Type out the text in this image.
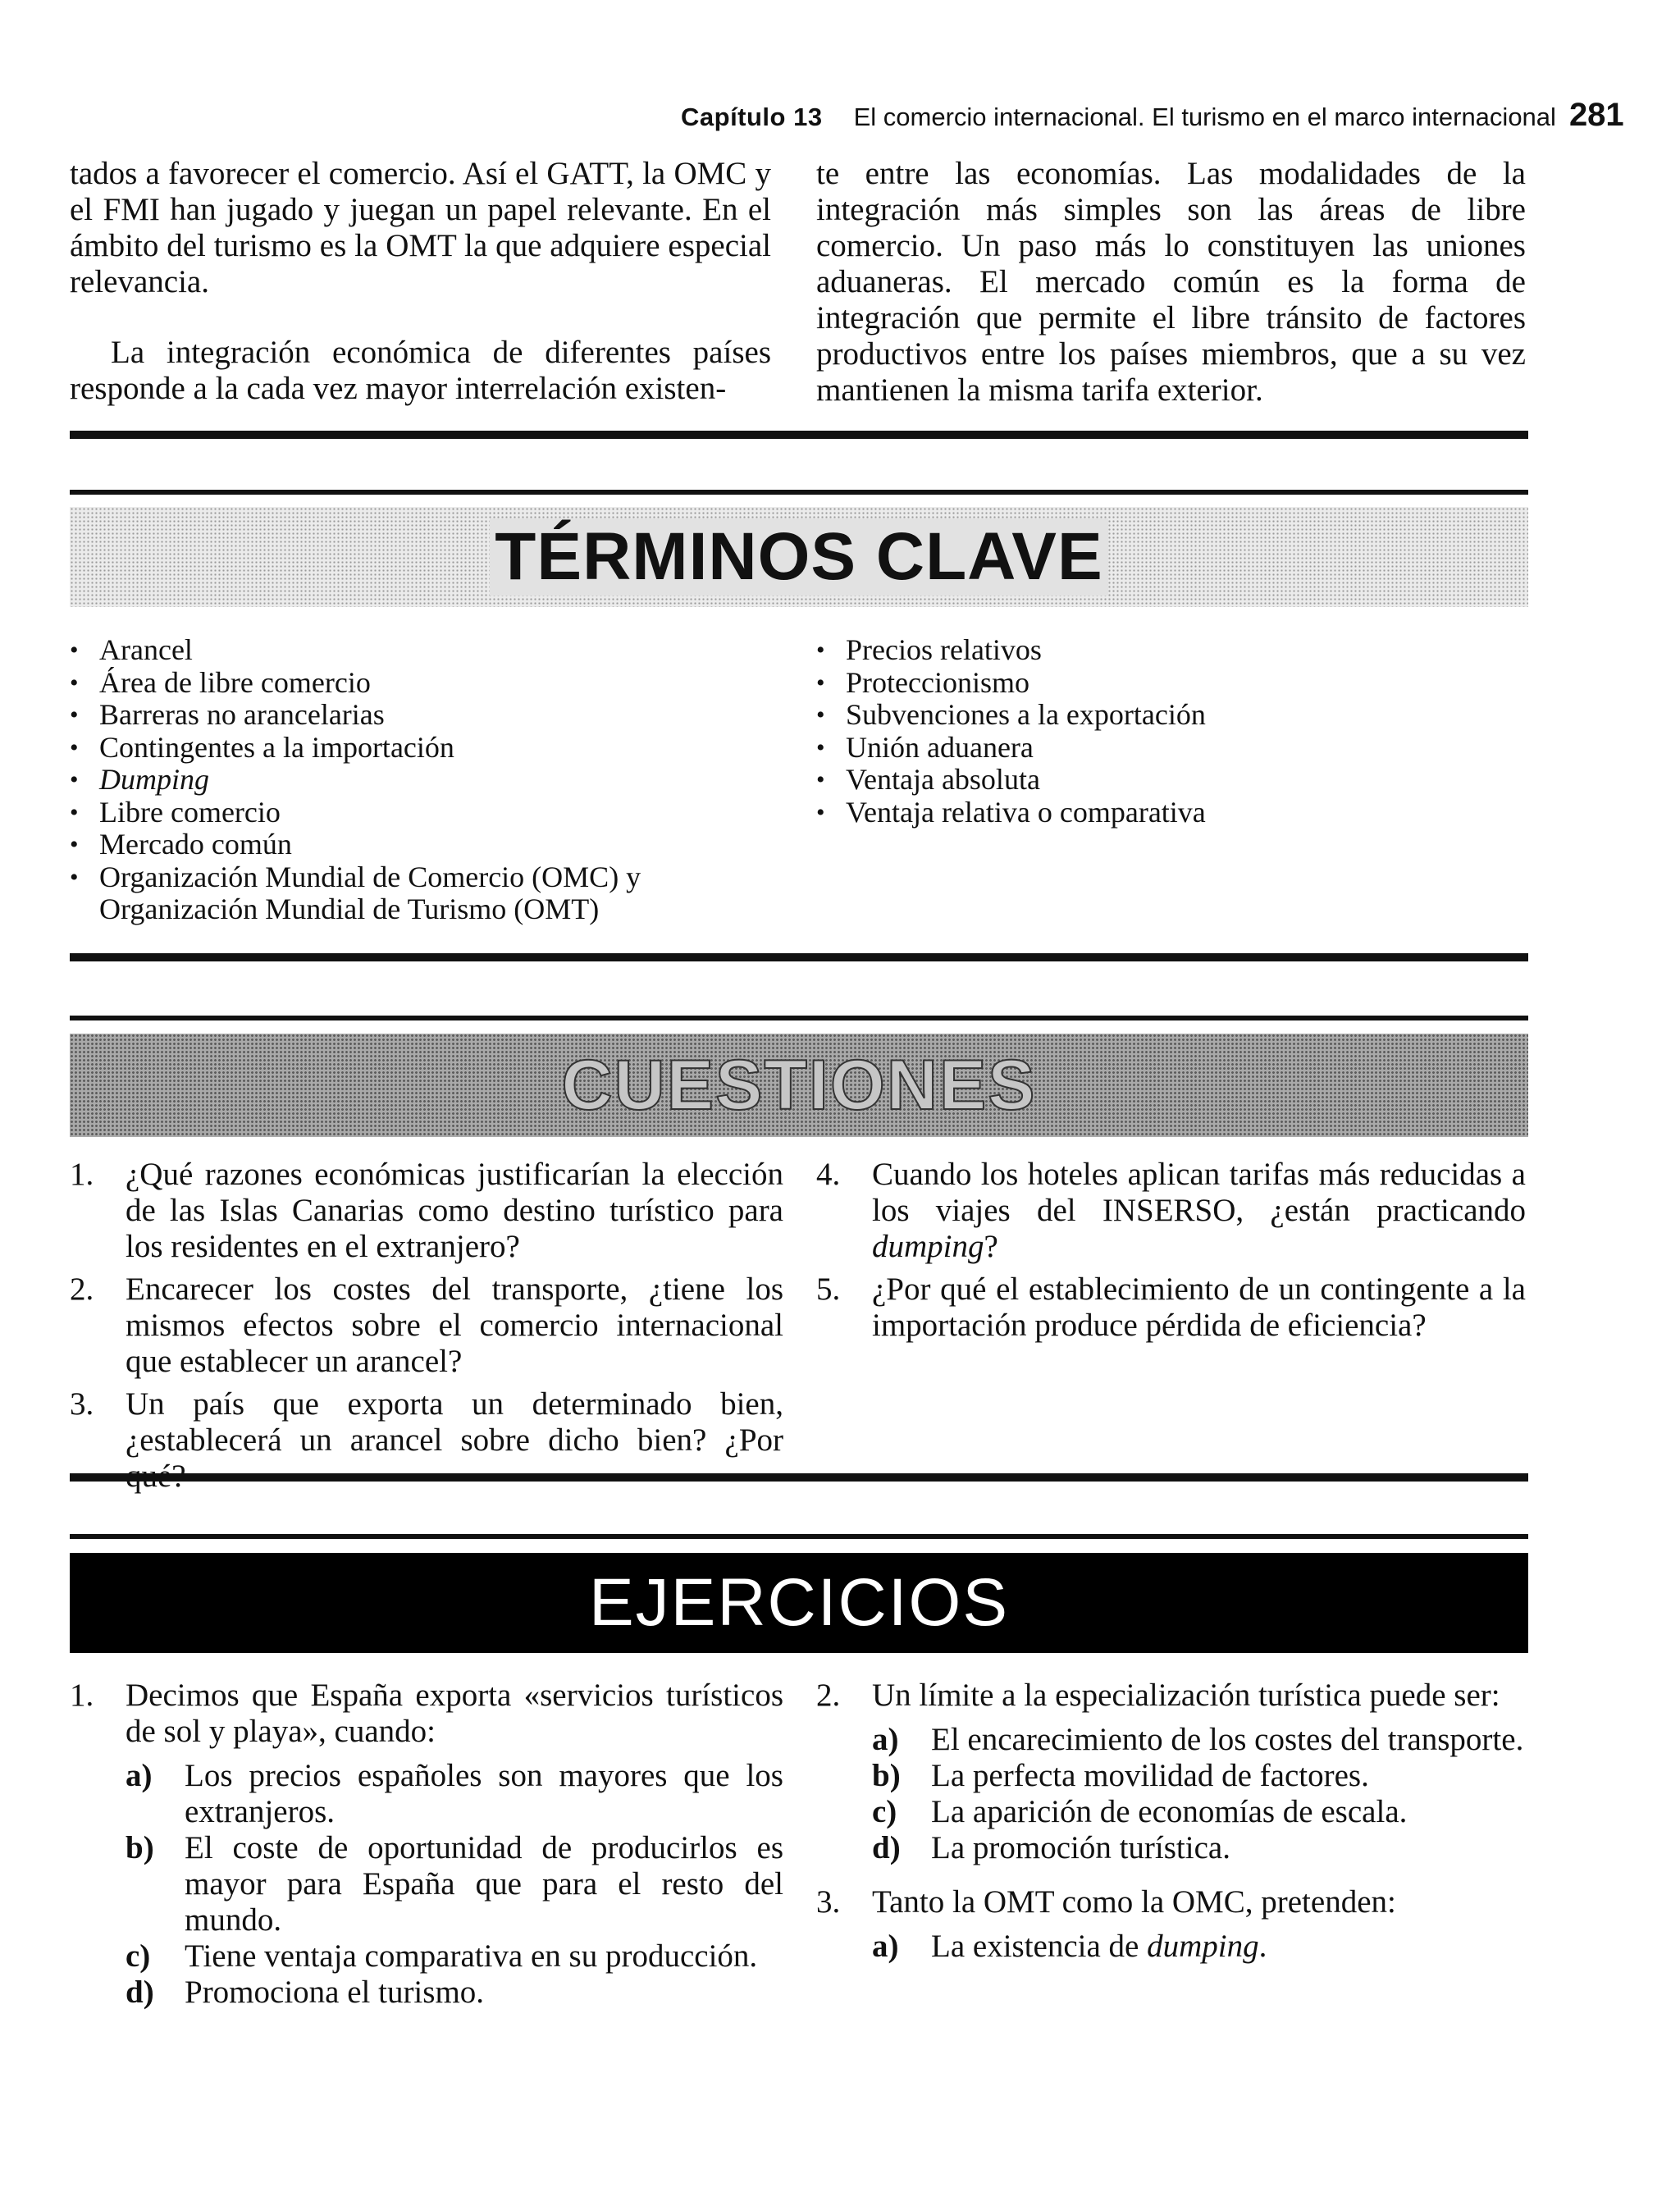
Capítulo 13 El comercio internacional. El turismo en el marco internacional 281

tados a favorecer el comercio. Así el GATT, la OMC y el FMI han jugado y juegan un papel relevante. En el ámbito del turismo es la OMT la que adquiere especial relevancia.

La integración económica de diferentes países responde a la cada vez mayor interrelación existen-

te entre las economías. Las modalidades de la integración más simples son las áreas de libre comercio. Un paso más lo constituyen las uniones aduaneras. El mercado común es la forma de integración que permite el libre tránsito de factores productivos entre los países miembros, que a su vez mantienen la misma tarifa exterior.

TÉRMINOS CLAVE
• Arancel
• Área de libre comercio
• Barreras no arancelarias
• Contingentes a la importación
• Dumping
• Libre comercio
• Mercado común
• Organización Mundial de Comercio (OMC) y Organización Mundial de Turismo (OMT)
• Precios relativos
• Proteccionismo
• Subvenciones a la exportación
• Unión aduanera
• Ventaja absoluta
• Ventaja relativa o comparativa
CUESTIONES
1. ¿Qué razones económicas justificarían la elección de las Islas Canarias como destino turístico para los residentes en el extranjero?
2. Encarecer los costes del transporte, ¿tiene los mismos efectos sobre el comercio internacional que establecer un arancel?
3. Un país que exporta un determinado bien, ¿establecerá un arancel sobre dicho bien? ¿Por
4. Cuando los hoteles aplican tarifas más reducidas a los viajes del INSERSO, ¿están practicando dumping?
5. ¿Por qué el establecimiento de un contingente a la importación produce pérdida de eficiencia?
EJERCICIOS
1. Decimos que España exporta «servicios turísticos de sol y playa», cuando:
a) Los precios españoles son mayores que los extranjeros.
b) El coste de oportunidad de producirlos es mayor para España que para el resto del mundo.
c) Tiene ventaja comparativa en su producción.
d) Promociona el turismo.
2. Un límite a la especialización turística puede ser:
a) El encarecimiento de los costes del transporte.
b) La perfecta movilidad de factores.
c) La aparición de economías de escala.
d) La promoción turística.
3. Tanto la OMT como la OMC, pretenden:
a) La existencia de dumping.
